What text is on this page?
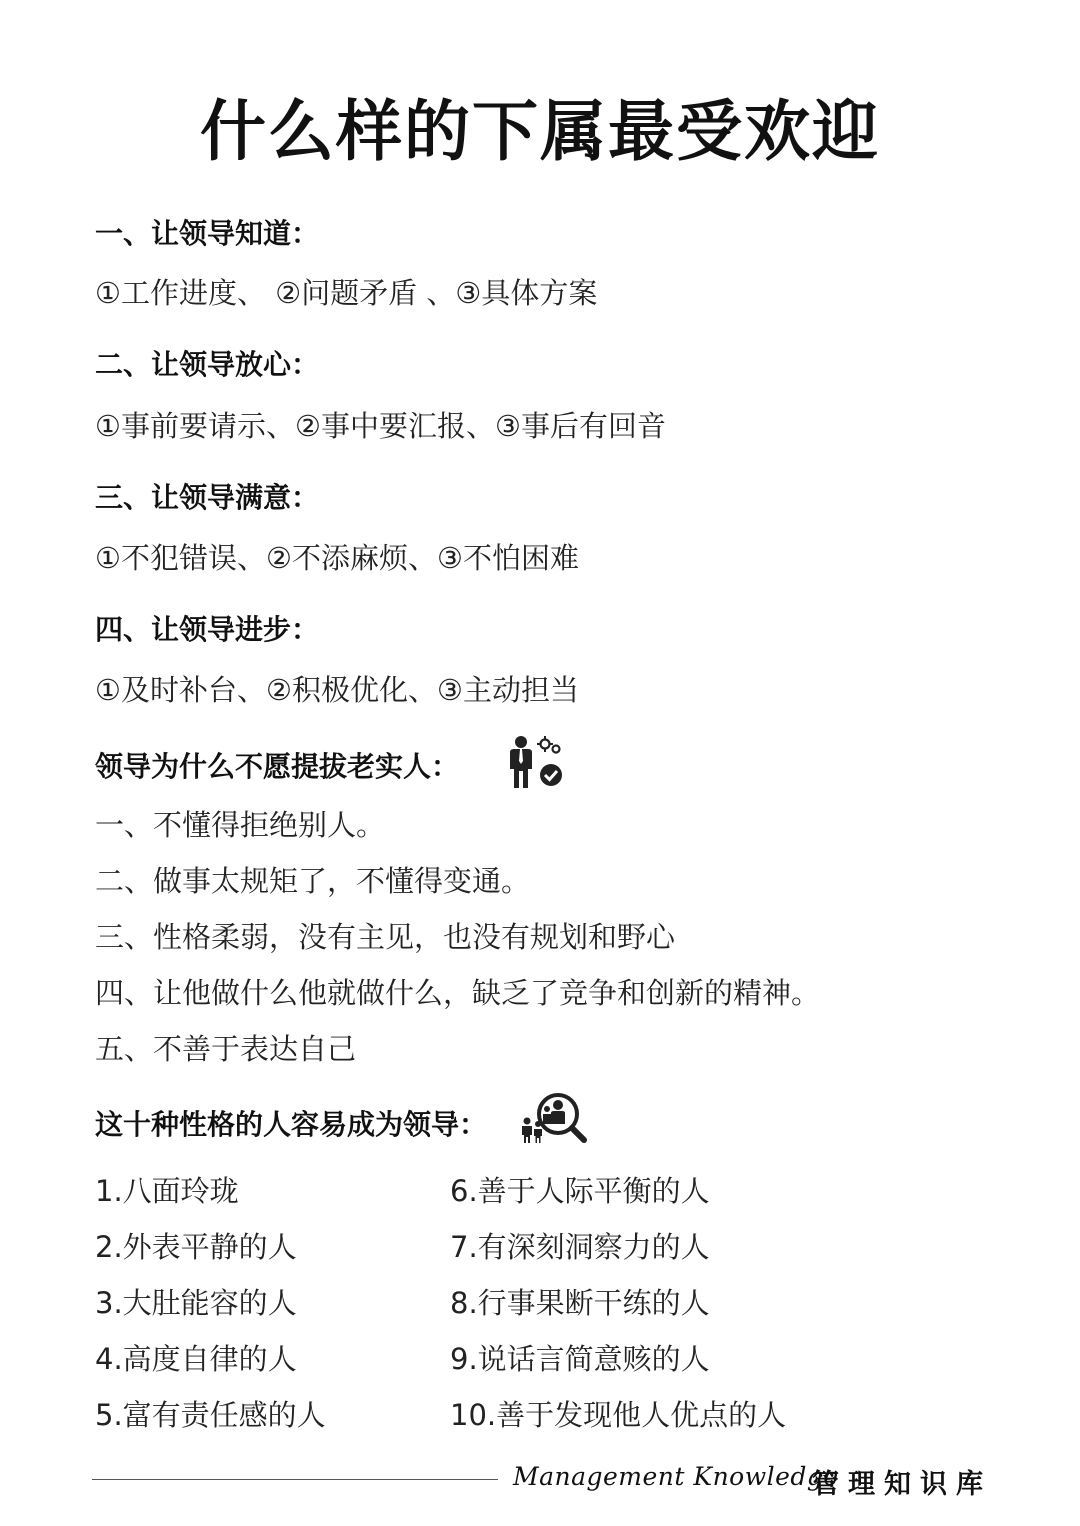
什么样的下属最受欢迎
一、让领导知道：
①工作进度、 ②问题矛盾 、③具体方案
二、让领导放心：
①事前要请示、②事中要汇报、③事后有回音
三、让领导满意：
①不犯错误、②不添麻烦、③不怕困难
四、让领导进步：
①及时补台、②积极优化、③主动担当
领导为什么不愿提拔老实人：
一、不懂得拒绝别人。
二、做事太规矩了，不懂得变通。
三、性格柔弱，没有主见，也没有规划和野心
四、让他做什么他就做什么，缺乏了竞争和创新的精神。
五、不善于表达自己
这十种性格的人容易成为领导：
1.八面玲珑
2.外表平静的人
3.大肚能容的人
4.高度自律的人
5.富有责任感的人
6.善于人际平衡的人
7.有深刻洞察力的人
8.行事果断干练的人
9.说话言简意赅的人
10.善于发现他人优点的人
Management Knowledge
管理知识库
